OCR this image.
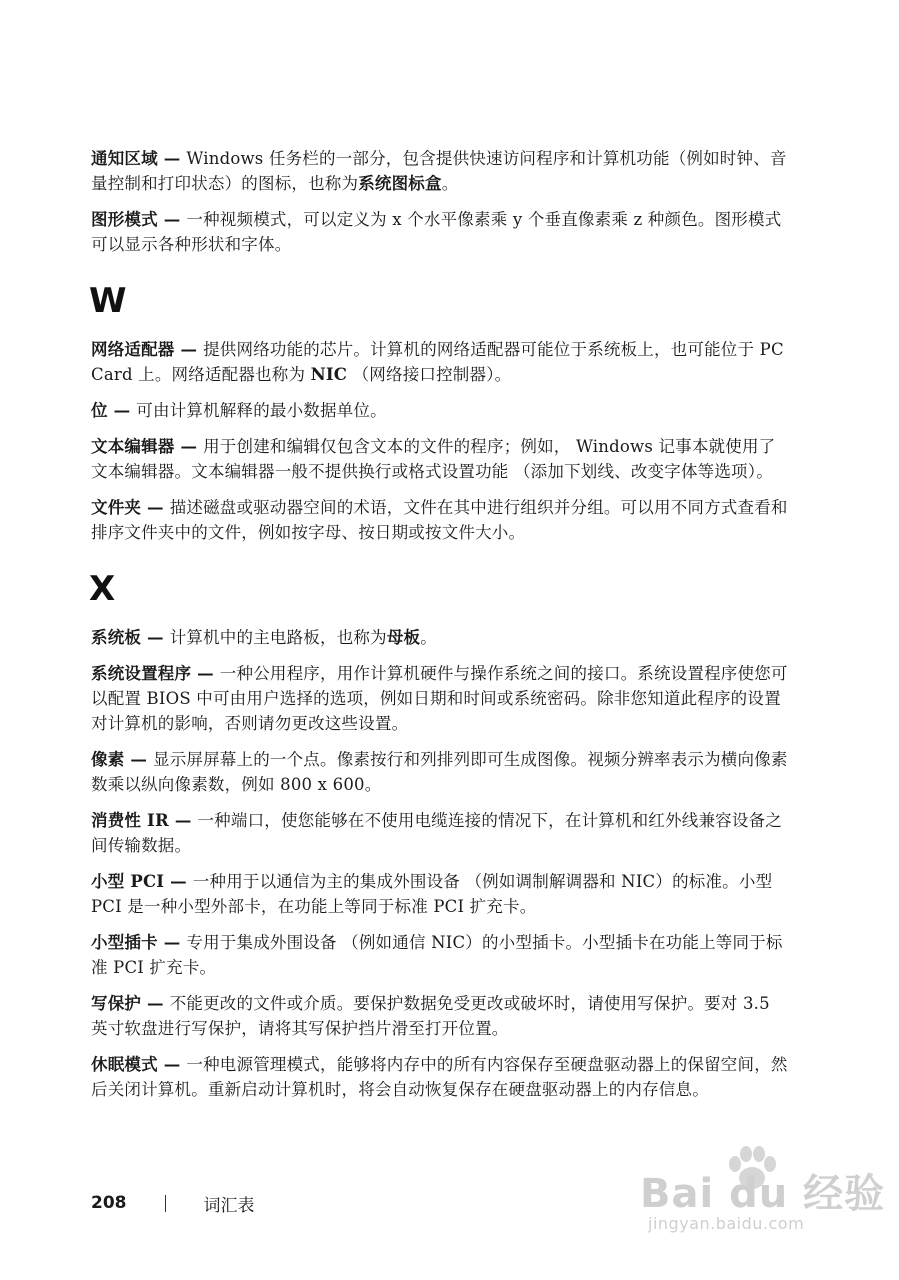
通知区域 — Windows 任务栏的一部分，包含提供快速访问程序和计算机功能（例如时钟、音量控制和打印状态）的图标，也称为系统图标盒。

图形模式 — 一种视频模式，可以定义为 x 个水平像素乘 y 个垂直像素乘 z 种颜色。图形模式可以显示各种形状和字体。

W

网络适配器 — 提供网络功能的芯片。计算机的网络适配器可能位于系统板上，也可能位于 PC Card 上。网络适配器也称为 NIC （网络接口控制器）。

位 — 可由计算机解释的最小数据单位。

文本编辑器 — 用于创建和编辑仅包含文本的文件的程序；例如， Windows 记事本就使用了文本编辑器。文本编辑器一般不提供换行或格式设置功能 （添加下划线、改变字体等选项）。

文件夹 — 描述磁盘或驱动器空间的术语，文件在其中进行组织并分组。可以用不同方式查看和排序文件夹中的文件，例如按字母、按日期或按文件大小。

X

系统板 — 计算机中的主电路板，也称为母板。

系统设置程序 — 一种公用程序，用作计算机硬件与操作系统之间的接口。系统设置程序使您可以配置 BIOS 中可由用户选择的选项，例如日期和时间或系统密码。除非您知道此程序的设置对计算机的影响，否则请勿更改这些设置。

像素 — 显示屏屏幕上的一个点。像素按行和列排列即可生成图像。视频分辨率表示为横向像素数乘以纵向像素数，例如 800 x 600。

消费性 IR — 一种端口，使您能够在不使用电缆连接的情况下，在计算机和红外线兼容设备之间传输数据。

小型 PCI — 一种用于以通信为主的集成外围设备 （例如调制解调器和 NIC）的标准。小型 PCI 是一种小型外部卡，在功能上等同于标准 PCI 扩充卡。

小型插卡 — 专用于集成外围设备 （例如通信 NIC）的小型插卡。小型插卡在功能上等同于标准 PCI 扩充卡。

写保护 — 不能更改的文件或介质。要保护数据免受更改或破坏时，请使用写保护。要对 3.5 英寸软盘进行写保护，请将其写保护挡片滑至打开位置。

休眠模式 — 一种电源管理模式，能够将内存中的所有内容保存至硬盘驱动器上的保留空间，然后关闭计算机。重新启动计算机时，将会自动恢复保存在硬盘驱动器上的内存信息。

208	词汇表	Bai du 经验
jingyan.baidu.com
